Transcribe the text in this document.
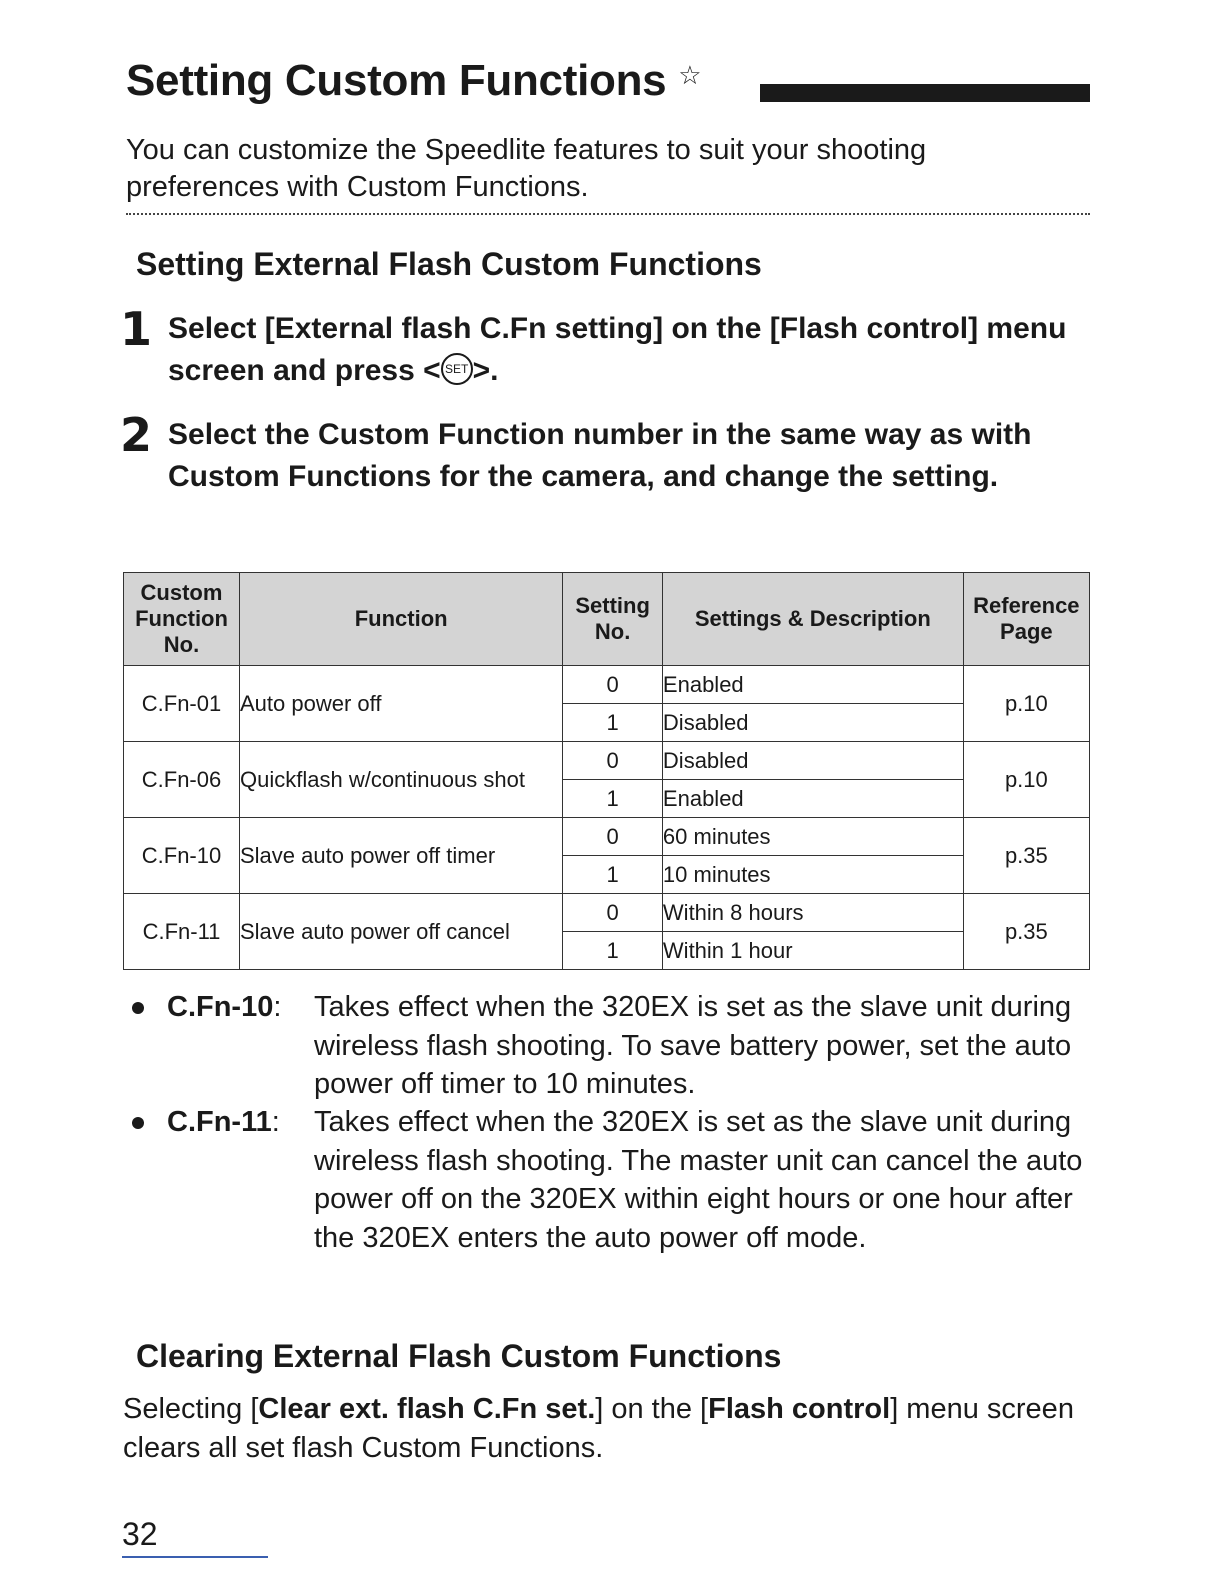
Setting Custom Functions ☆
You can customize the Speedlite features to suit your shooting preferences with Custom Functions.
Setting External Flash Custom Functions
1 Select [External flash C.Fn setting] on the [Flash control] menu screen and press < SET >.
2 Select the Custom Function number in the same way as with Custom Functions for the camera, and change the setting.
Custom Function No.	Function	Setting No.	Settings & Description	Reference Page
C.Fn-01	Auto power off	0	Enabled	p.10
		1	Disabled	
C.Fn-06	Quickflash w/continuous shot	0	Disabled	p.10
		1	Enabled	
C.Fn-10	Slave auto power off timer	0	60 minutes	p.35
		1	10 minutes	
C.Fn-11	Slave auto power off cancel	0	Within 8 hours	p.35
		1	Within 1 hour	
C.Fn-10: Takes effect when the 320EX is set as the slave unit during wireless flash shooting. To save battery power, set the auto power off timer to 10 minutes.
C.Fn-11: Takes effect when the 320EX is set as the slave unit during wireless flash shooting. The master unit can cancel the auto power off on the 320EX within eight hours or one hour after the 320EX enters the auto power off mode.
Clearing External Flash Custom Functions
Selecting [Clear ext. flash C.Fn set.] on the [Flash control] menu screen clears all set flash Custom Functions.
32
